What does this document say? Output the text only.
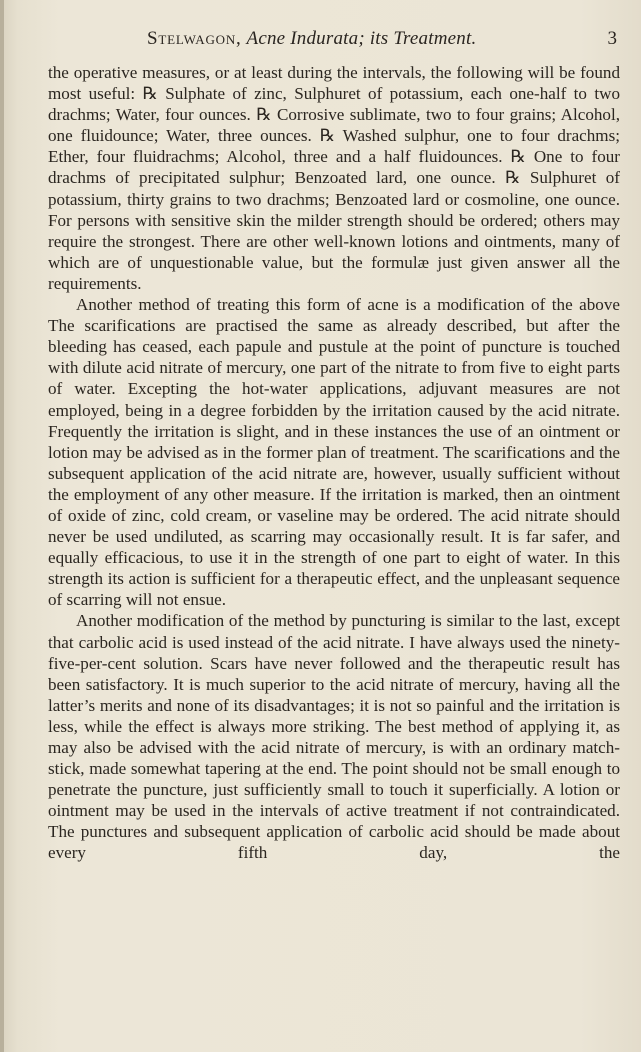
Stelwagon, Acne Indurata; its Treatment.	3

the operative measures, or at least during the intervals, the following will be found most useful: ℞ Sulphate of zinc, Sulphuret of potassium, each one-half to two drachms; Water, four ounces. ℞ Corrosive sublimate, two to four grains; Alcohol, one fluidounce; Water, three ounces. ℞ Washed sulphur, one to four drachms; Ether, four fluidrachms; Alcohol, three and a half fluidounces. ℞ One to four drachms of precipitated sulphur; Benzoated lard, one ounce. ℞ Sulphuret of potassium, thirty grains to two drachms; Benzoated lard or cosmoline, one ounce. For persons with sensitive skin the milder strength should be ordered; others may require the strongest. There are other well-known lotions and ointments, many of which are of unquestionable value, but the formulæ just given answer all the requirements.

Another method of treating this form of acne is a modification of the above The scarifications are practised the same as already described, but after the bleeding has ceased, each papule and pustule at the point of puncture is touched with dilute acid nitrate of mercury, one part of the nitrate to from five to eight parts of water. Excepting the hot-water applications, adjuvant measures are not employed, being in a degree forbidden by the irritation caused by the acid nitrate. Frequently the irritation is slight, and in these instances the use of an ointment or lotion may be advised as in the former plan of treatment. The scarifications and the subsequent application of the acid nitrate are, however, usually sufficient without the employment of any other measure. If the irritation is marked, then an ointment of oxide of zinc, cold cream, or vaseline may be ordered. The acid nitrate should never be used undiluted, as scarring may occasionally result. It is far safer, and equally efficacious, to use it in the strength of one part to eight of water. In this strength its action is sufficient for a therapeutic effect, and the unpleasant sequence of scarring will not ensue.

Another modification of the method by puncturing is similar to the last, except that carbolic acid is used instead of the acid nitrate. I have always used the ninety-five-per-cent solution. Scars have never followed and the therapeutic result has been satisfactory. It is much superior to the acid nitrate of mercury, having all the latter’s merits and none of its disadvantages; it is not so painful and the irritation is less, while the effect is always more striking. The best method of applying it, as may also be advised with the acid nitrate of mercury, is with an ordinary match-stick, made somewhat tapering at the end. The point should not be small enough to penetrate the puncture, just sufficiently small to touch it superficially. A lotion or ointment may be used in the intervals of active treatment if not contraindicated. The punctures and subsequent application of carbolic acid should be made about every fifth day, the
